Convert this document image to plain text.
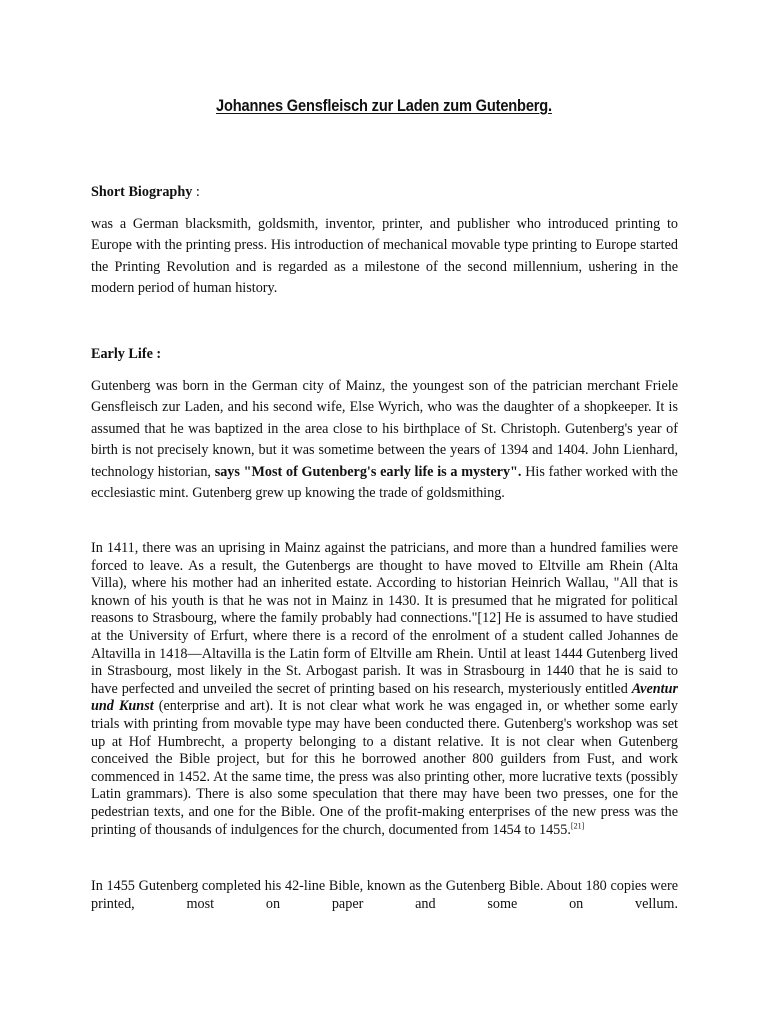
Johannes Gensfleisch zur Laden zum Gutenberg.
Short Biography :

was a German blacksmith, goldsmith, inventor, printer, and publisher who introduced printing to Europe with the printing press. His introduction of mechanical movable type printing to Europe started the Printing Revolution and is regarded as a milestone of the second millennium, ushering in the modern period of human history.

Early Life :

Gutenberg was born in the German city of Mainz, the youngest son of the patrician merchant Friele Gensfleisch zur Laden, and his second wife, Else Wyrich, who was the daughter of a shopkeeper. It is assumed that he was baptized in the area close to his birthplace of St. Christoph. Gutenberg's year of birth is not precisely known, but it was sometime between the years of 1394 and 1404. John Lienhard, technology historian, says "Most of Gutenberg's early life is a mystery". His father worked with the ecclesiastic mint. Gutenberg grew up knowing the trade of goldsmithing.

In 1411, there was an uprising in Mainz against the patricians, and more than a hundred families were forced to leave. As a result, the Gutenbergs are thought to have moved to Eltville am Rhein (Alta Villa), where his mother had an inherited estate. According to historian Heinrich Wallau, "All that is known of his youth is that he was not in Mainz in 1430. It is presumed that he migrated for political reasons to Strasbourg, where the family probably had connections."[12] He is assumed to have studied at the University of Erfurt, where there is a record of the enrolment of a student called Johannes de Altavilla in 1418—Altavilla is the Latin form of Eltville am Rhein. Until at least 1444 Gutenberg lived in Strasbourg, most likely in the St. Arbogast parish. It was in Strasbourg in 1440 that he is said to have perfected and unveiled the secret of printing based on his research, mysteriously entitled Aventur und Kunst (enterprise and art). It is not clear what work he was engaged in, or whether some early trials with printing from movable type may have been conducted there. Gutenberg's workshop was set up at Hof Humbrecht, a property belonging to a distant relative. It is not clear when Gutenberg conceived the Bible project, but for this he borrowed another 800 guilders from Fust, and work commenced in 1452. At the same time, the press was also printing other, more lucrative texts (possibly Latin grammars). There is also some speculation that there may have been two presses, one for the pedestrian texts, and one for the Bible. One of the profit-making enterprises of the new press was the printing of thousands of indulgences for the church, documented from 1454 to 1455.[21]

In 1455 Gutenberg completed his 42-line Bible, known as the Gutenberg Bible. About 180 copies were printed, most on paper and some on vellum.
